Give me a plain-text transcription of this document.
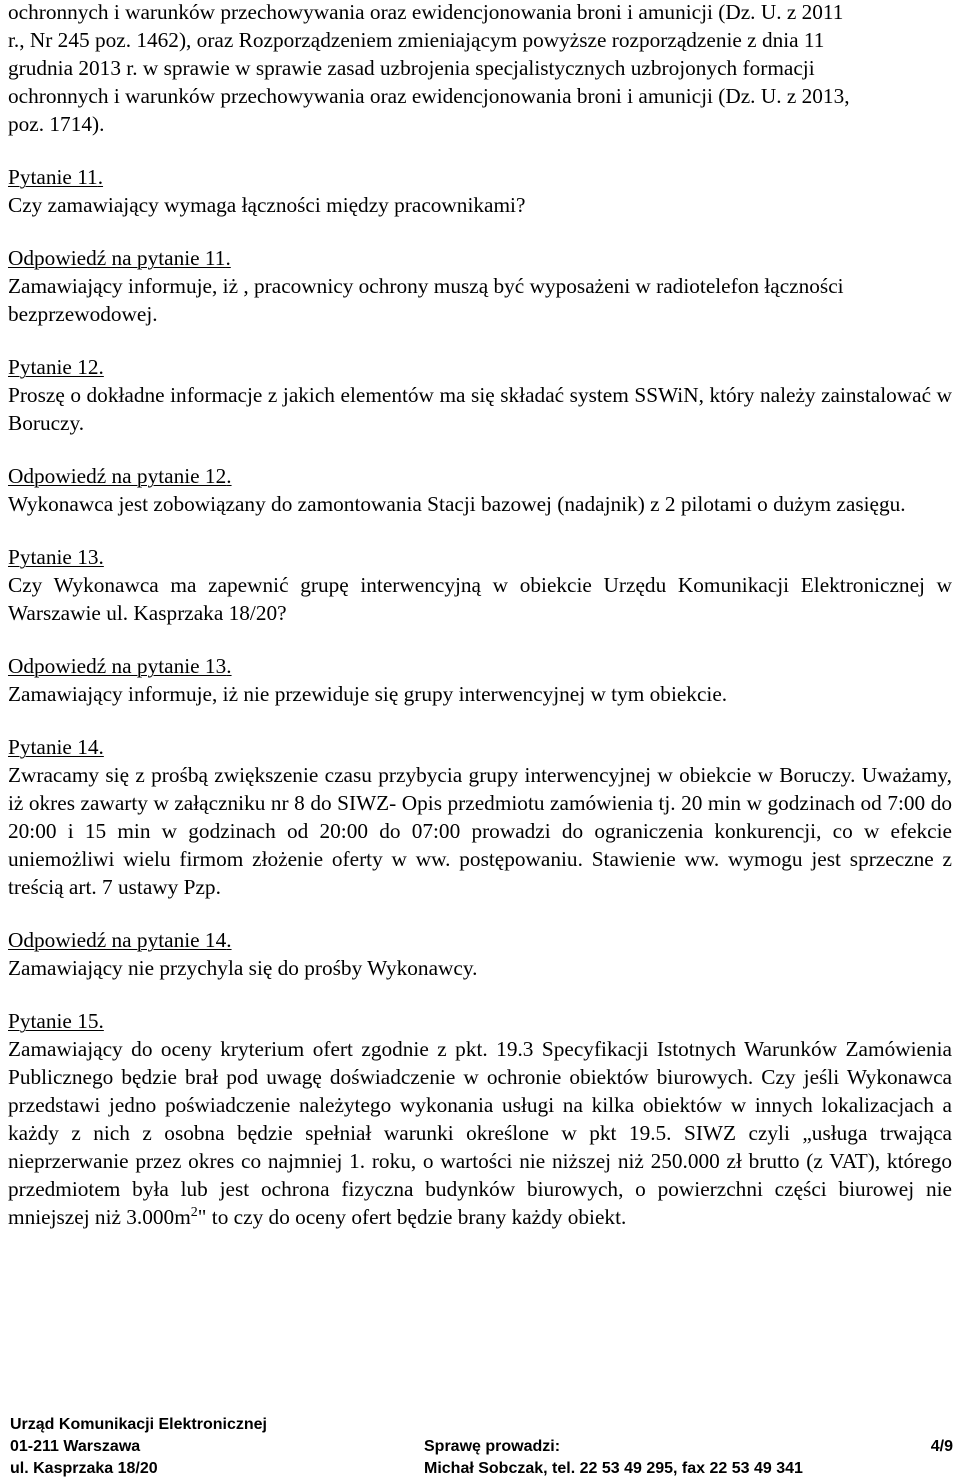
ochronnych i warunków przechowywania oraz ewidencjonowania broni i amunicji (Dz. U. z 2011

r., Nr 245 poz. 1462), oraz Rozporządzeniem zmieniającym powyższe rozporządzenie z dnia 11

grudnia 2013 r. w sprawie w sprawie zasad uzbrojenia specjalistycznych uzbrojonych formacji

ochronnych i warunków przechowywania oraz ewidencjonowania broni i amunicji (Dz. U. z 2013,

poz. 1714).

Pytanie 11.

Czy zamawiający wymaga łączności między pracownikami?

Odpowiedź na pytanie 11.

Zamawiający informuje, iż , pracownicy ochrony muszą być wyposażeni w radiotelefon łączności bezprzewodowej.

Pytanie 12.

Proszę o dokładne informacje z jakich elementów ma się składać system SSWiN, który należy zainstalować w Boruczy.

Odpowiedź na pytanie 12.

Wykonawca jest zobowiązany do zamontowania Stacji bazowej (nadajnik) z 2 pilotami o dużym zasięgu.

Pytanie 13.

Czy Wykonawca ma zapewnić grupę interwencyjną w obiekcie Urzędu Komunikacji Elektronicznej w Warszawie ul. Kasprzaka 18/20?

Odpowiedź na pytanie 13.

Zamawiający informuje, iż nie przewiduje się grupy interwencyjnej w tym obiekcie.

Pytanie 14.

Zwracamy się z prośbą zwiększenie czasu przybycia grupy interwencyjnej w obiekcie w Boruczy. Uważamy, iż okres zawarty w załączniku nr 8 do SIWZ- Opis przedmiotu zamówienia tj. 20 min w godzinach od 7:00 do 20:00 i 15 min w godzinach od 20:00 do 07:00 prowadzi do ograniczenia konkurencji, co w efekcie uniemożliwi wielu firmom złożenie oferty w ww. postępowaniu. Stawienie ww. wymogu jest sprzeczne z treścią art. 7 ustawy Pzp.

Odpowiedź na pytanie 14.

Zamawiający nie przychyla się do prośby Wykonawcy.

Pytanie 15.

Zamawiający do oceny kryterium ofert zgodnie z pkt. 19.3 Specyfikacji Istotnych Warunków Zamówienia Publicznego będzie brał pod uwagę doświadczenie w ochronie obiektów biurowych. Czy jeśli Wykonawca przedstawi jedno poświadczenie należytego wykonania usługi na kilka obiektów w innych lokalizacjach a każdy z nich z osobna będzie spełniał warunki określone w pkt 19.5. SIWZ czyli „usługa trwająca nieprzerwanie przez okres co najmniej 1. roku, o wartości nie niższej niż 250.000 zł brutto (z VAT), którego przedmiotem była lub jest ochrona fizyczna budynków biurowych, o powierzchni części biurowej nie mniejszej niż $3.000m^2$" to czy do oceny ofert będzie brany każdy obiekt.

Urząd Komunikacji Elektronicznej
01-211 Warszawa
ul. Kasprzaka 18/20
Sprawę prowadzi:
Michał Sobczak, tel. 22 53 49 295, fax 22 53 49 341
4/9
